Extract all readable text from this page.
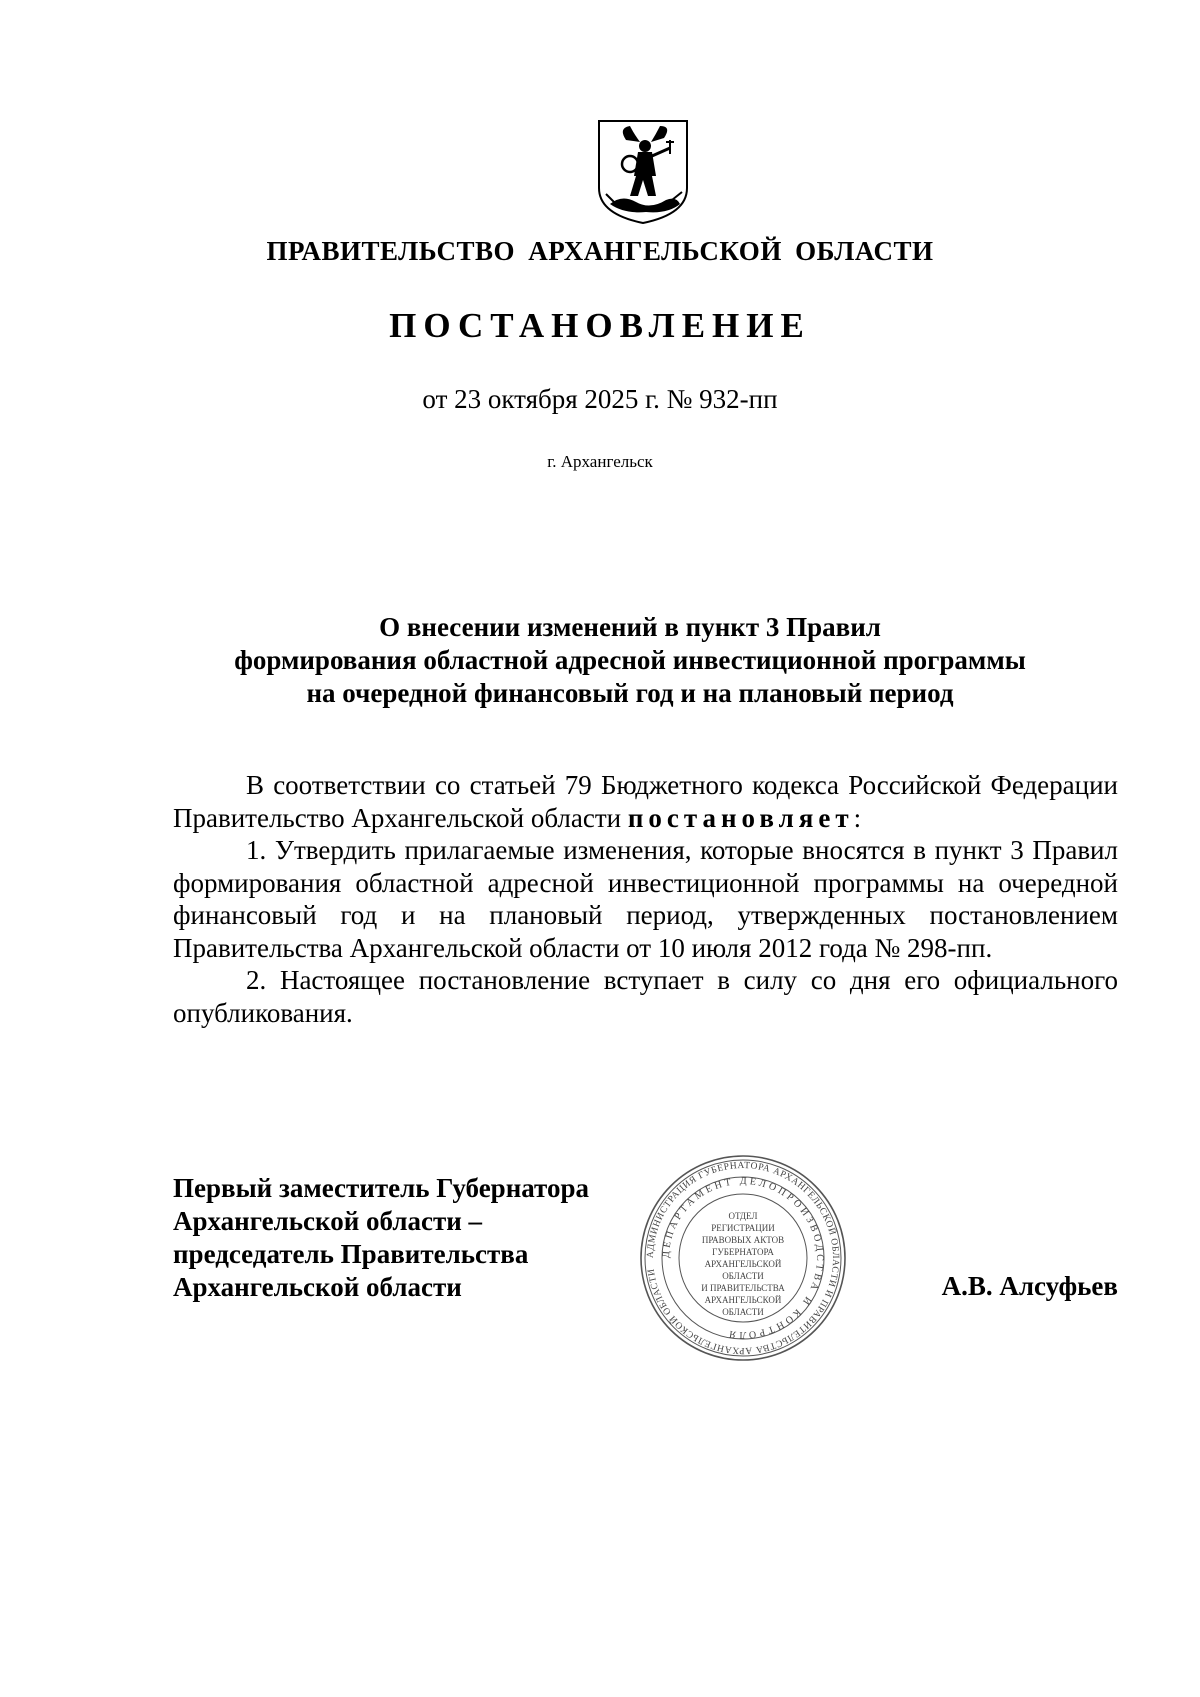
ПРАВИТЕЛЬСТВО АРХАНГЕЛЬСКОЙ ОБЛАСТИ
ПОСТАНОВЛЕНИЕ
от 23 октября 2025 г. № 932-пп
г. Архангельск
О внесении изменений в пункт 3 Правил
формирования областной адресной инвестиционной программы
на очередной финансовый год и на плановый период

В соответствии со статьей 79 Бюджетного кодекса Российской Федерации Правительство Архангельской области постановляет:

1. Утвердить прилагаемые изменения, которые вносятся в пункт 3 Правил формирования областной адресной инвестиционной программы на очередной финансовый год и на плановый период, утвержденных постановлением Правительства Архангельской области от 10 июля 2012 года № 298-пп.

2. Настоящее постановление вступает в силу со дня его официального опубликования.

Первый заместитель Губернатора
Архангельской области –
председатель Правительства
Архангельской области
АДМИНИСТРАЦИЯ ГУБЕРНАТОРА АРХАНГЕЛЬСКОЙ ОБЛАСТИ И ПРАВИТЕЛЬСТВА АРХАНГЕЛЬСКОЙ ОБЛАСТИ
ДЕПАРТАМЕНТ ДЕЛОПРОИЗВОДСТВА И КОНТРОЛЯ
ОТДЕЛ
РЕГИСТРАЦИИ
ПРАВОВЫХ АКТОВ
ГУБЕРНАТОРА
АРХАНГЕЛЬСКОЙ
ОБЛАСТИ
И ПРАВИТЕЛЬСТВА
АРХАНГЕЛЬСКОЙ
ОБЛАСТИ
А.В. Алсуфьев
